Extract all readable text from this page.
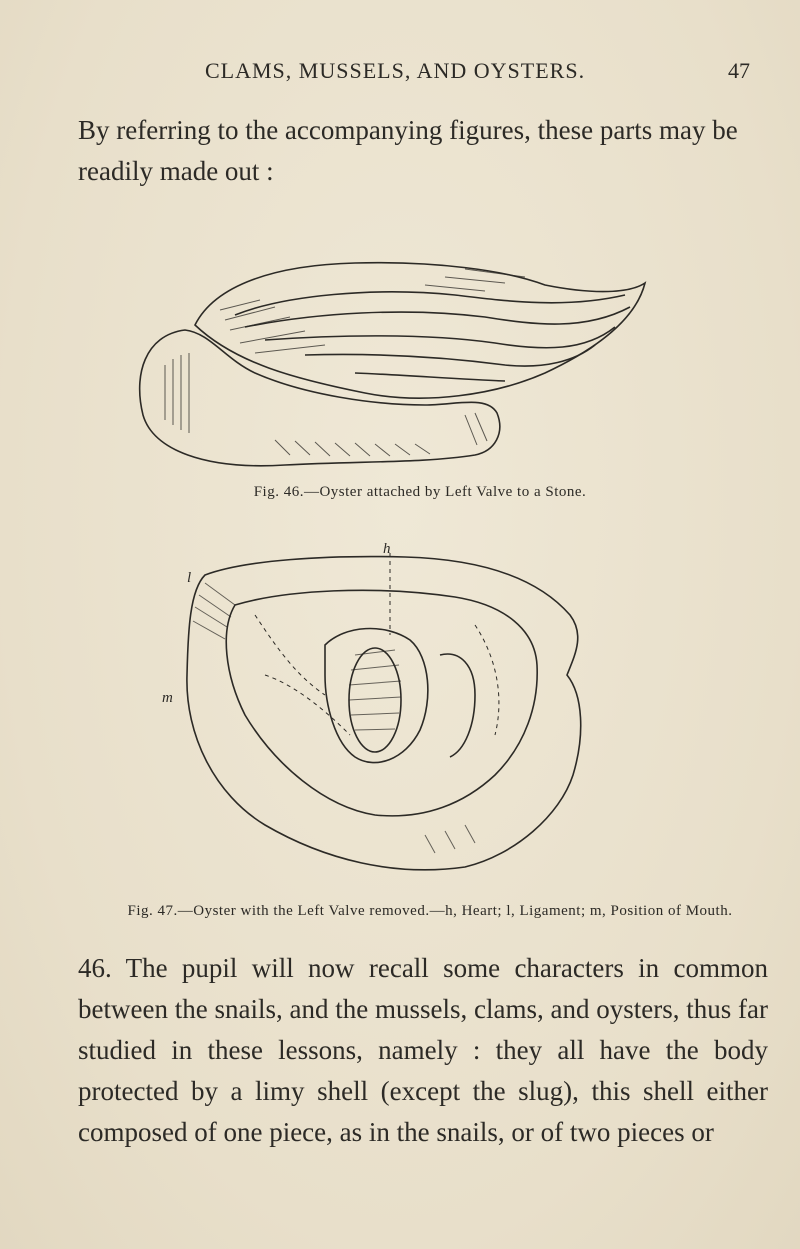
CLAMS, MUSSELS, AND OYSTERS.	47

By referring to the accompanying figures, these parts may be readily made out :

Fig. 46.—Oyster attached by Left Valve to a Stone.
h
l
m
Fig. 47.—Oyster with the Left Valve removed.—h, Heart; l, Ligament; m, Position of Mouth.

46. The pupil will now recall some characters in common between the snails, and the mussels, clams, and oysters, thus far studied in these lessons, namely : they all have the body protected by a limy shell (except the slug), this shell either composed of one piece, as in the snails, or of two pieces or
